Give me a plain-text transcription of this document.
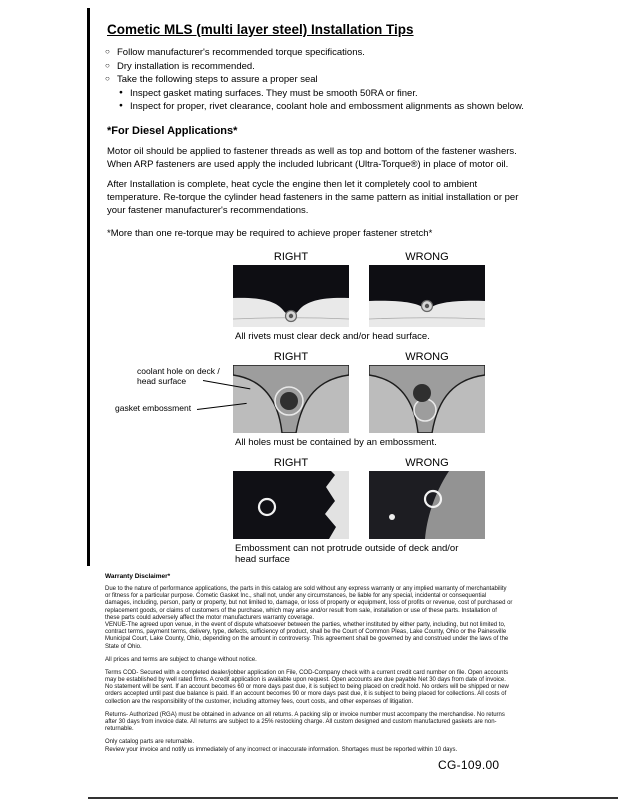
Cometic MLS (multi layer steel) Installation Tips
○ Follow manufacturer's recommended torque specifications.
○ Dry installation is recommended.
○ Take the following steps to assure a proper seal
● Inspect gasket mating surfaces. They must be smooth 50RA or finer.
● Inspect for proper, rivet clearance, coolant hole and embossment alignments as shown below.
*For Diesel Applications*

Motor oil should be applied to fastener threads as well as top and bottom of the fastener washers. When ARP fasteners are used apply the included lubricant (Ultra-Torque®) in place of motor oil.

After Installation is complete, heat cycle the engine then let it completely cool to ambient temperature. Re-torque the cylinder head fasteners in the same pattern as initial installation or per your fastener manufacturer's recommendations.

*More than one re-torque may be required to achieve proper fastener stretch*
RIGHT	WRONG
All rivets must clear deck and/or head surface.
RIGHT	WRONG
coolant hole on deck / head surface
gasket embossment
All holes must be contained by an embossment.
RIGHT	WRONG
Embossment can not protrude outside of deck and/or head surface
Warranty Disclaimer*

Due to the nature of performance applications, the parts in this catalog are sold without any express warranty or any implied warranty of merchantability or fitness for a particular purpose. Cometic Gasket Inc., shall not, under any circumstances, be liable for any special, incidental or consequential damages, including, person, party or property, but not limited to, damage, or loss of property or equipment, loss of profits or revenue, cost of purchased or replacement goods, or claims of customers of the purchase, which may arise and/or result from sale, installation or use of these parts. Installation of these parts could adversely affect the motor manufacturers warranty coverage.

VENUE-The agreed upon venue, in the event of dispute whatsoever between the parties, whether instituted by either party, including, but not limited to, contract terms, payment terms, delivery, type, defects, sufficiency of product, shall be the Court of Common Pleas, Lake County, Ohio or the Painesville Municipal Court, Lake County, Ohio, depending on the amount in controversy. This agreement shall be governed by and construed under the laws of the State of Ohio.

All prices and terms are subject to change without notice.

Terms COD- Secured with a completed dealer/jobber application on File, COD-Company check with a current credit card number on file. Open accounts may be established by well rated firms. A credit application is available upon request. Open accounts are due payable Net 30 days from date of invoice. No statement will be sent. If an account becomes 60 or more days past due, it is subject to being placed on credit hold. No orders will be shipped or new orders accepted until past due balance is paid. If an account becomes 90 or more days past due, it is subject to being placed for collections. All costs of collection are the responsibility of the customer, including attorney fees, court costs, and other expenses of litigation.

Returns- Authorized (RGA) must be obtained in advance on all returns. A packing slip or invoice number must accompany the merchandise. No returns after 30 days from invoice date. All returns are subject to a 25% restocking charge. All custom designed and custom manufactured gaskets are non-returnable.

Only catalog parts are returnable.

Review your invoice and notify us immediately of any incorrect or inaccurate information. Shortages must be reported within 10 days.

CG-109.00
